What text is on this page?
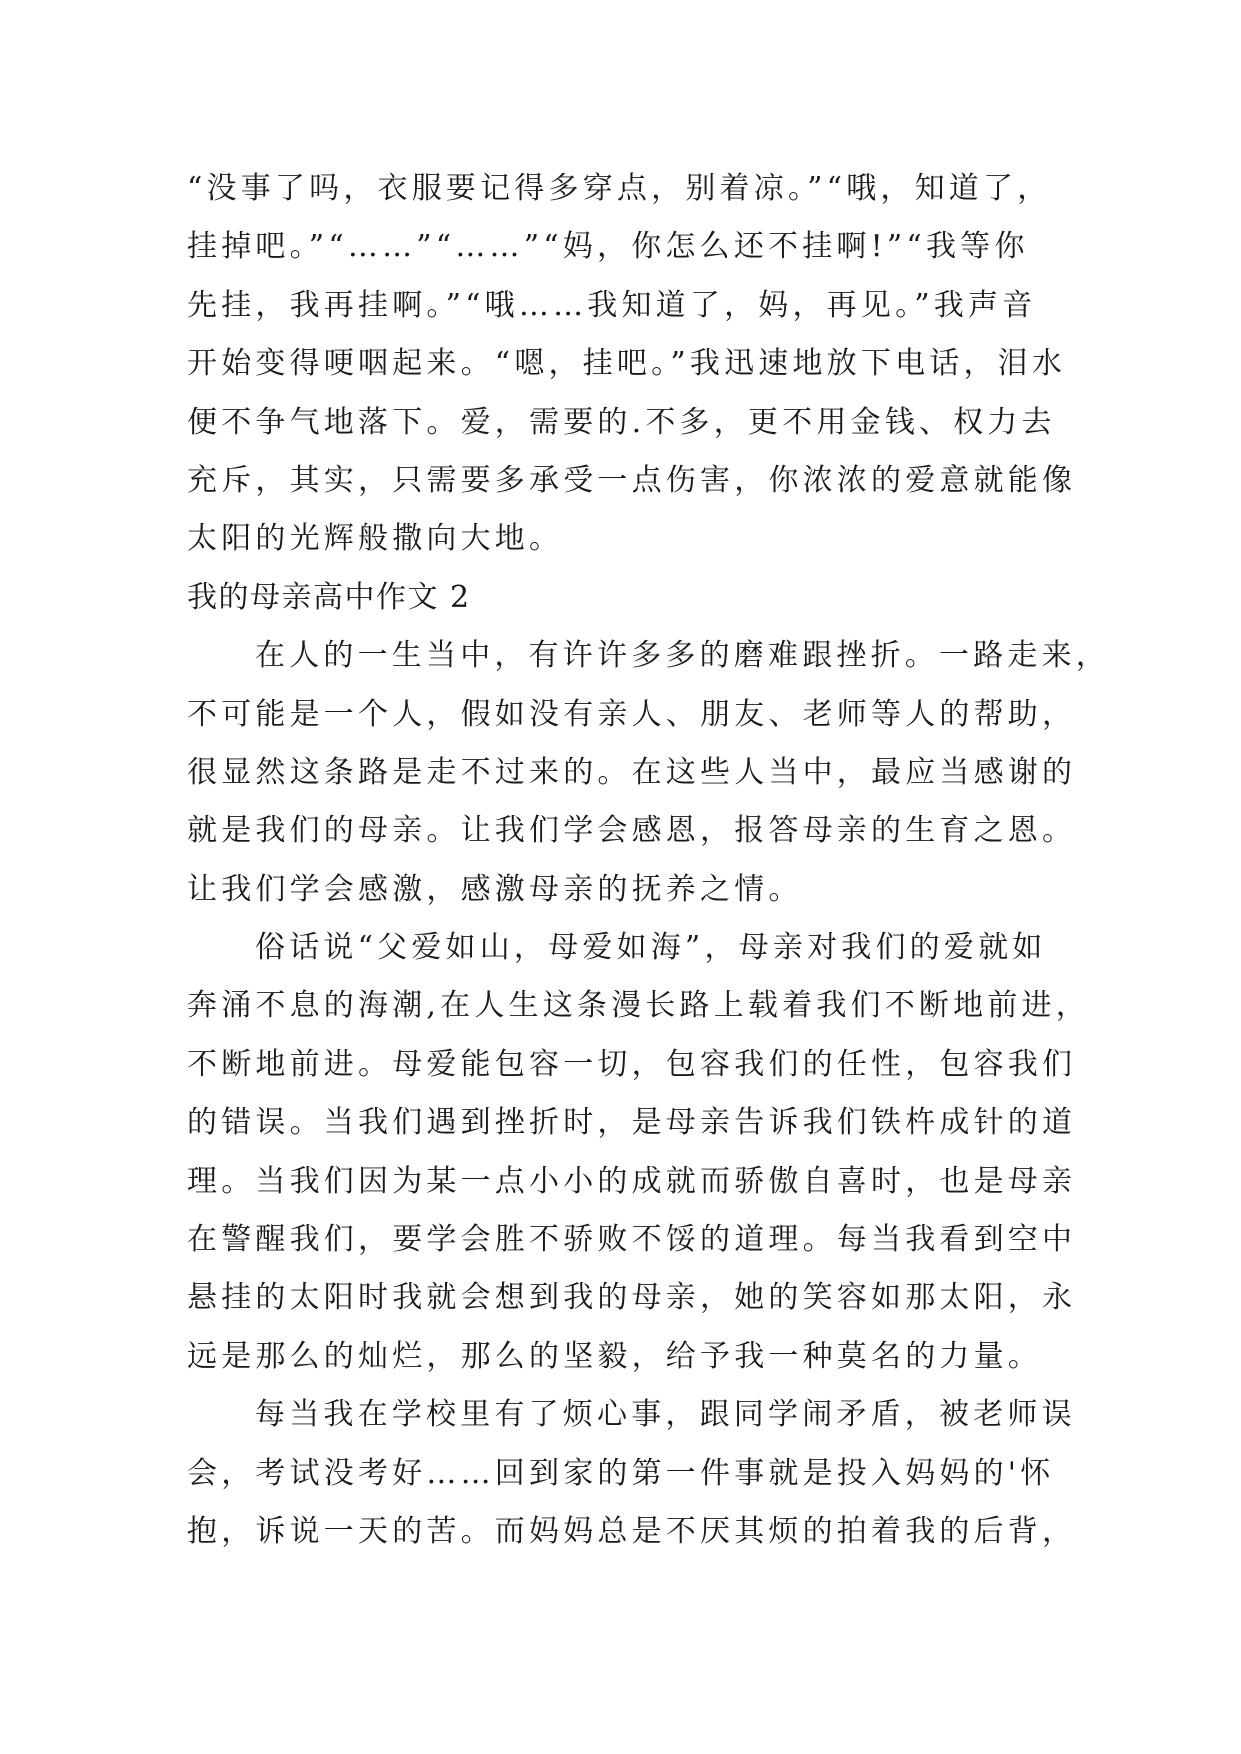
“没事了吗，衣服要记得多穿点，别着凉。”“哦，知道了，
挂掉吧。”“……”“……”“妈，你怎么还不挂啊!”“我等你
先挂，我再挂啊。”“哦……我知道了，妈，再见。”我声音
开始变得哽咽起来。“嗯，挂吧。”我迅速地放下电话，泪水
便不争气地落下。爱，需要的.不多，更不用金钱、权力去
充斥，其实，只需要多承受一点伤害，你浓浓的爱意就能像
太阳的光辉般撒向大地。
我的母亲高中作文 2
在人的一生当中，有许许多多的磨难跟挫折。一路走来，
不可能是一个人，假如没有亲人、朋友、老师等人的帮助，
很显然这条路是走不过来的。在这些人当中，最应当感谢的
就是我们的母亲。让我们学会感恩，报答母亲的生育之恩。
让我们学会感激，感激母亲的抚养之情。
俗话说“父爱如山，母爱如海”，母亲对我们的爱就如
奔涌不息的海潮,在人生这条漫长路上载着我们不断地前进，
不断地前进。母爱能包容一切，包容我们的任性，包容我们
的错误。当我们遇到挫折时，是母亲告诉我们铁杵成针的道
理。当我们因为某一点小小的成就而骄傲自喜时，也是母亲
在警醒我们，要学会胜不骄败不馁的道理。每当我看到空中
悬挂的太阳时我就会想到我的母亲，她的笑容如那太阳，永
远是那么的灿烂，那么的坚毅，给予我一种莫名的力量。
每当我在学校里有了烦心事，跟同学闹矛盾，被老师误
会，考试没考好……回到家的第一件事就是投入妈妈的'怀
抱，诉说一天的苦。而妈妈总是不厌其烦的拍着我的后背，
